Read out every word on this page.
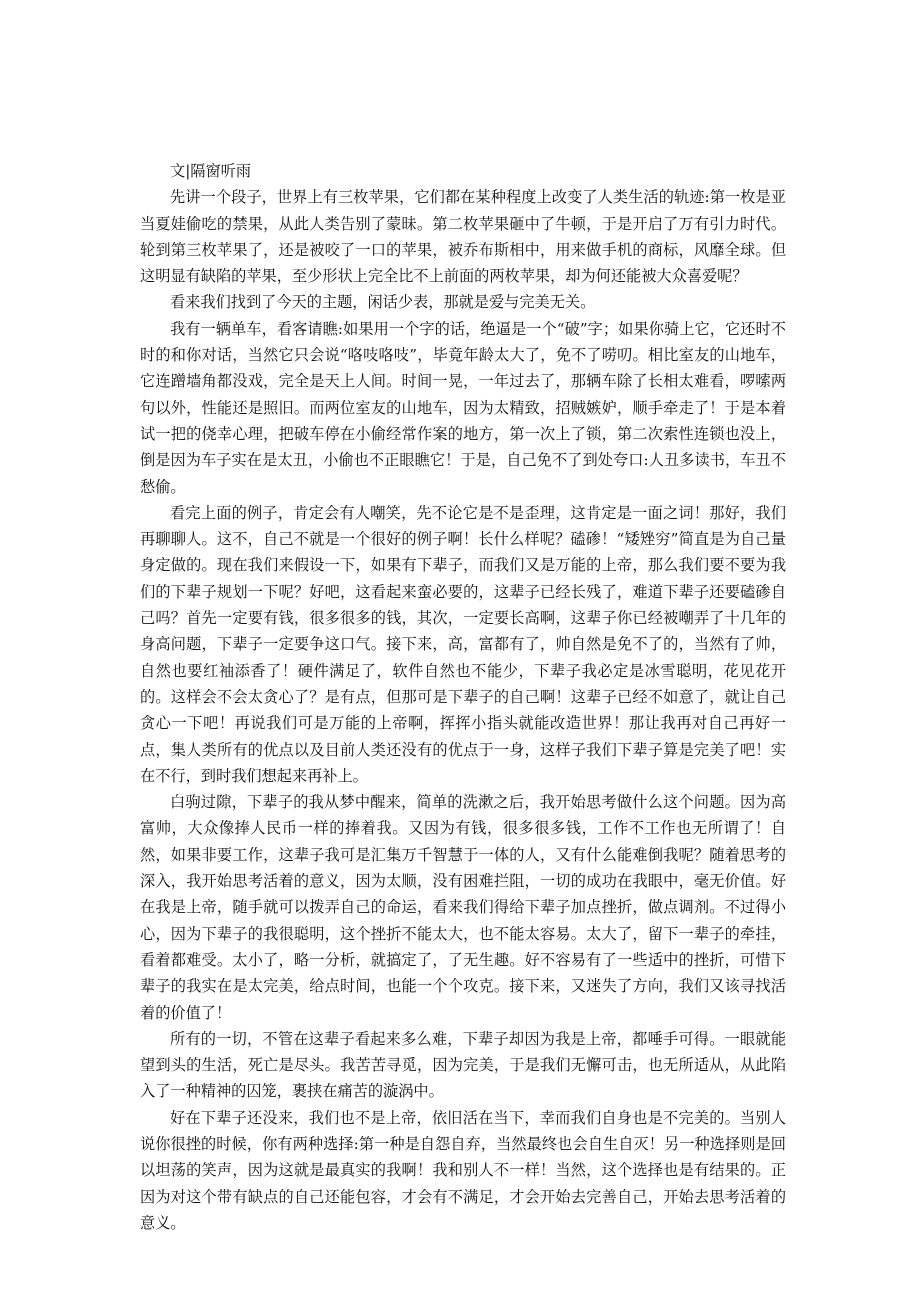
文|隔窗听雨

先讲一个段子，世界上有三枚苹果，它们都在某种程度上改变了人类生活的轨迹:第一枚是亚当夏娃偷吃的禁果，从此人类告别了蒙昧。第二枚苹果砸中了牛顿，于是开启了万有引力时代。轮到第三枚苹果了，还是被咬了一口的苹果，被乔布斯相中，用来做手机的商标，风靡全球。但这明显有缺陷的苹果，至少形状上完全比不上前面的两枚苹果，却为何还能被大众喜爱呢？

看来我们找到了今天的主题，闲话少表，那就是爱与完美无关。

我有一辆单车，看客请瞧:如果用一个字的话，绝逼是一个“破”字；如果你骑上它，它还时不时的和你对话，当然它只会说“咯吱咯吱”，毕竟年龄太大了，免不了唠叨。相比室友的山地车，它连蹭墙角都没戏，完全是天上人间。时间一晃，一年过去了，那辆车除了长相太难看，啰嗦两句以外，性能还是照旧。而两位室友的山地车，因为太精致，招贼嫉妒，顺手牵走了！于是本着试一把的侥幸心理，把破车停在小偷经常作案的地方，第一次上了锁，第二次索性连锁也没上，倒是因为车子实在是太丑，小偷也不正眼瞧它！于是，自己免不了到处夸口:人丑多读书，车丑不愁偷。

看完上面的例子，肯定会有人嘲笑，先不论它是不是歪理，这肯定是一面之词！那好，我们再聊聊人。这不，自己不就是一个很好的例子啊！长什么样呢？磕碜！“矮矬穷”简直是为自己量身定做的。现在我们来假设一下，如果有下辈子，而我们又是万能的上帝，那么我们要不要为我们的下辈子规划一下呢？好吧，这看起来蛮必要的，这辈子已经长残了，难道下辈子还要磕碜自己吗？首先一定要有钱，很多很多的钱，其次，一定要长高啊，这辈子你已经被嘲弄了十几年的身高问题，下辈子一定要争这口气。接下来，高，富都有了，帅自然是免不了的，当然有了帅，自然也要红袖添香了！硬件满足了，软件自然也不能少，下辈子我必定是冰雪聪明，花见花开的。这样会不会太贪心了？是有点，但那可是下辈子的自己啊！这辈子已经不如意了，就让自己贪心一下吧！再说我们可是万能的上帝啊，挥挥小指头就能改造世界！那让我再对自己再好一点，集人类所有的优点以及目前人类还没有的优点于一身，这样子我们下辈子算是完美了吧！实在不行，到时我们想起来再补上。

白驹过隙，下辈子的我从梦中醒来，简单的洗漱之后，我开始思考做什么这个问题。因为高富帅，大众像捧人民币一样的捧着我。又因为有钱，很多很多钱，工作不工作也无所谓了！自然，如果非要工作，这辈子我可是汇集万千智慧于一体的人，又有什么能难倒我呢？随着思考的深入，我开始思考活着的意义，因为太顺，没有困难拦阻，一切的成功在我眼中，毫无价值。好在我是上帝，随手就可以拨弄自己的命运，看来我们得给下辈子加点挫折，做点调剂。不过得小心，因为下辈子的我很聪明，这个挫折不能太大，也不能太容易。太大了，留下一辈子的牵挂，看着都难受。太小了，略一分析，就搞定了，了无生趣。好不容易有了一些适中的挫折，可惜下辈子的我实在是太完美，给点时间，也能一个个攻克。接下来，又迷失了方向，我们又该寻找活着的价值了！

所有的一切，不管在这辈子看起来多么难，下辈子却因为我是上帝，都唾手可得。一眼就能望到头的生活，死亡是尽头。我苦苦寻觅，因为完美，于是我们无懈可击，也无所适从，从此陷入了一种精神的囚笼，裹挟在痛苦的漩涡中。

好在下辈子还没来，我们也不是上帝，依旧活在当下，幸而我们自身也是不完美的。当别人说你很挫的时候，你有两种选择:第一种是自怨自弃，当然最终也会自生自灭！另一种选择则是回以坦荡的笑声，因为这就是最真实的我啊！我和别人不一样！当然，这个选择也是有结果的。正因为对这个带有缺点的自己还能包容，才会有不满足，才会开始去完善自己，开始去思考活着的意义。
